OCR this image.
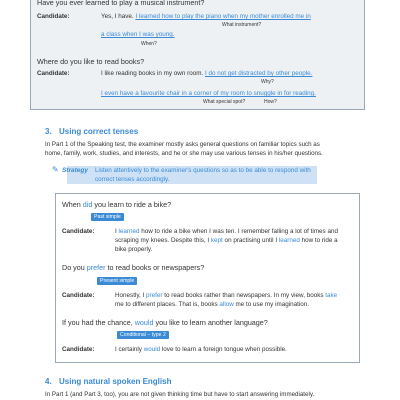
Have you ever learned to play a musical instrument?
Candidate:	Yes, I have. I learned how to play the piano when my mother enrolled me in
What instrument?
a class when I was young.
When?
Where do you like to read books?
Candidate:	I like reading books in my own room. I do not get distracted by other people.
Why?
I even have a favourite chair in a corner of my room to snuggle in for reading.
What special spot?	How?
3. Using correct tenses
In Part 1 of the Speaking test, the examiner mostly asks general questions on familiar topics such as
home, family, work, studies, and interests, and he or she may use various tenses in his/her questions.
✎ Strategy Listen attentively to the examiner's questions so as to be able to respond with
correct tenses accordingly.
When did you learn to ride a bike?
Past simple
Candidate:	I learned how to ride a bike when I was ten. I remember falling a lot of times and
scraping my knees. Despite this, I kept on practising until I learned how to ride a
bike properly.
Do you prefer to read books or newspapers?
Present simple
Candidate:	Honestly, I prefer to read books rather than newspapers. In my view, books take
me to different places. That is, books allow me to use my imagination.
If you had the chance, would you like to learn another language?
Conditional – type 2
Candidate:	I certainly would love to learn a foreign tongue when possible.
4. Using natural spoken English
In Part 1 (and Part 3, too), you are not given thinking time but have to start answering immediately.
